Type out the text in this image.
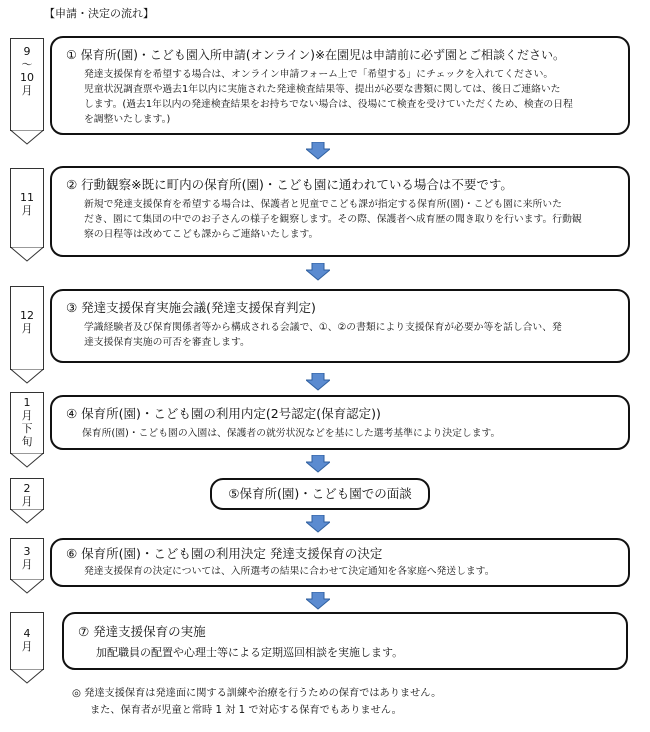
【申請・決定の流れ】
9
〜
10
月
11
月
12
月
1
月
下
旬
2
月
3
月
4
月
① 保育所(園)・こども園入所申請(オンライン)※在園児は申請前に必ず園とご相談ください。

発達支援保育を希望する場合は、オンライン申請フォーム上で「希望する」にチェックを入れてください。

児童状況調査票や過去1年以内に実施された発達検査結果等、提出が必要な書類に関しては、後日ご連絡いた

します。(過去1年以内の発達検査結果をお持ちでない場合は、役場にて検査を受けていただくため、検査の日程

を調整いたします。)

② 行動観察※既に町内の保育所(園)・こども園に通われている場合は不要です。

新規で発達支援保育を希望する場合は、保護者と児童でこども課が指定する保育所(園)・こども園に来所いた

だき、園にて集団の中でのお子さんの様子を観察します。その際、保護者へ成育歴の聞き取りを行います。行動観

察の日程等は改めてこども課からご連絡いたします。

③ 発達支援保育実施会議(発達支援保育判定)

学識経験者及び保育関係者等から構成される会議で、①、②の書類により支援保育が必要か等を話し合い、発

達支援保育実施の可否を審査します。

④ 保育所(園)・こども園の利用内定(2号認定(保育認定))

保育所(園)・こども園の入園は、保護者の就労状況などを基にした選考基準により決定します。

⑤保育所(園)・こども園での面談
⑥ 保育所(園)・こども園の利用決定 発達支援保育の決定

発達支援保育の決定については、入所選考の結果に合わせて決定通知を各家庭へ発送します。

⑦ 発達支援保育の実施

加配職員の配置や心理士等による定期巡回相談を実施します。

◎ 発達支援保育は発達面に関する訓練や治療を行うための保育ではありません。

また、保育者が児童と常時 1 対 1 で対応する保育でもありません。
